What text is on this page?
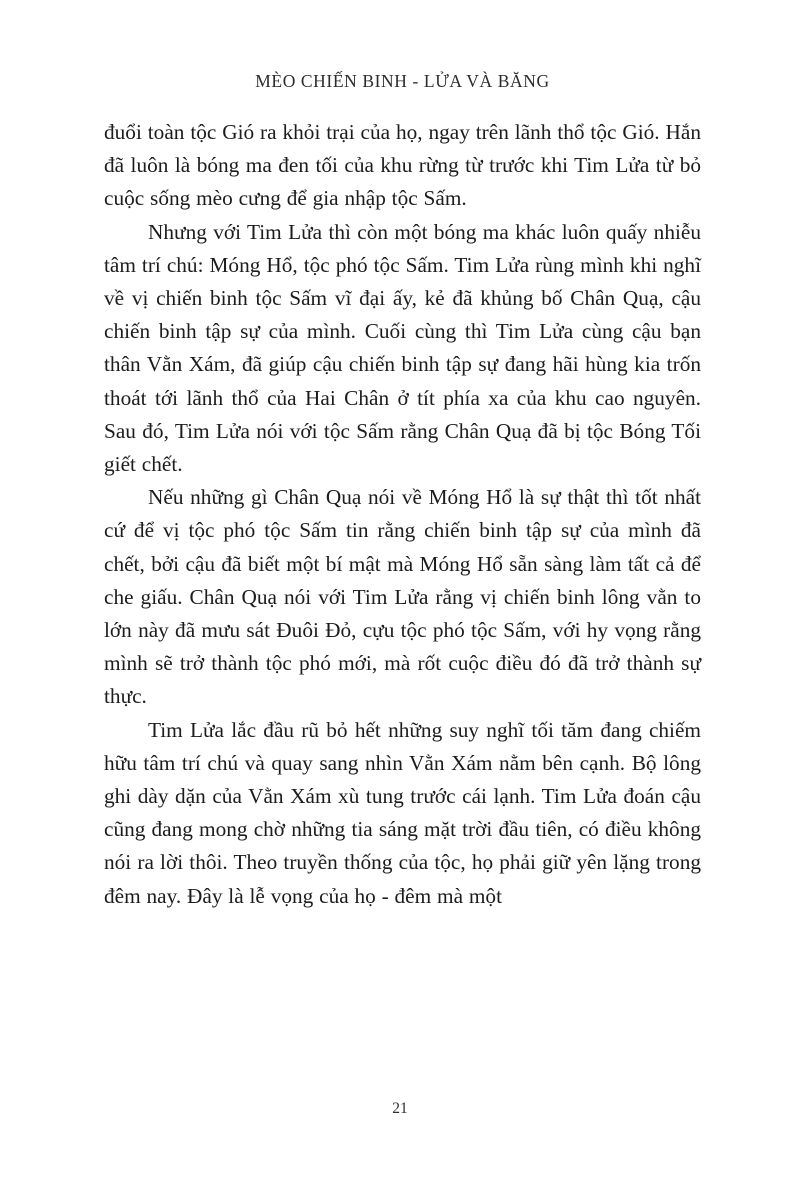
MÈO CHIẾN BINH - LỬA VÀ BĂNG

đuổi toàn tộc Gió ra khỏi trại của họ, ngay trên lãnh thổ tộc Gió. Hắn đã luôn là bóng ma đen tối của khu rừng từ trước khi Tim Lửa từ bỏ cuộc sống mèo cưng để gia nhập tộc Sấm.

Nhưng với Tim Lửa thì còn một bóng ma khác luôn quấy nhiễu tâm trí chú: Móng Hổ, tộc phó tộc Sấm. Tim Lửa rùng mình khi nghĩ về vị chiến binh tộc Sấm vĩ đại ấy, kẻ đã khủng bố Chân Quạ, cậu chiến binh tập sự của mình. Cuối cùng thì Tim Lửa cùng cậu bạn thân Vằn Xám, đã giúp cậu chiến binh tập sự đang hãi hùng kia trốn thoát tới lãnh thổ của Hai Chân ở tít phía xa của khu cao nguyên. Sau đó, Tim Lửa nói với tộc Sấm rằng Chân Quạ đã bị tộc Bóng Tối giết chết.

Nếu những gì Chân Quạ nói về Móng Hổ là sự thật thì tốt nhất cứ để vị tộc phó tộc Sấm tin rằng chiến binh tập sự của mình đã chết, bởi cậu đã biết một bí mật mà Móng Hổ sẵn sàng làm tất cả để che giấu. Chân Quạ nói với Tim Lửa rằng vị chiến binh lông vằn to lớn này đã mưu sát Đuôi Đỏ, cựu tộc phó tộc Sấm, với hy vọng rằng mình sẽ trở thành tộc phó mới, mà rốt cuộc điều đó đã trở thành sự thực.

Tim Lửa lắc đầu rũ bỏ hết những suy nghĩ tối tăm đang chiếm hữu tâm trí chú và quay sang nhìn Vằn Xám nằm bên cạnh. Bộ lông ghi dày dặn của Vằn Xám xù tung trước cái lạnh. Tim Lửa đoán cậu cũng đang mong chờ những tia sáng mặt trời đầu tiên, có điều không nói ra lời thôi. Theo truyền thống của tộc, họ phải giữ yên lặng trong đêm nay. Đây là lễ vọng của họ - đêm mà một

21
